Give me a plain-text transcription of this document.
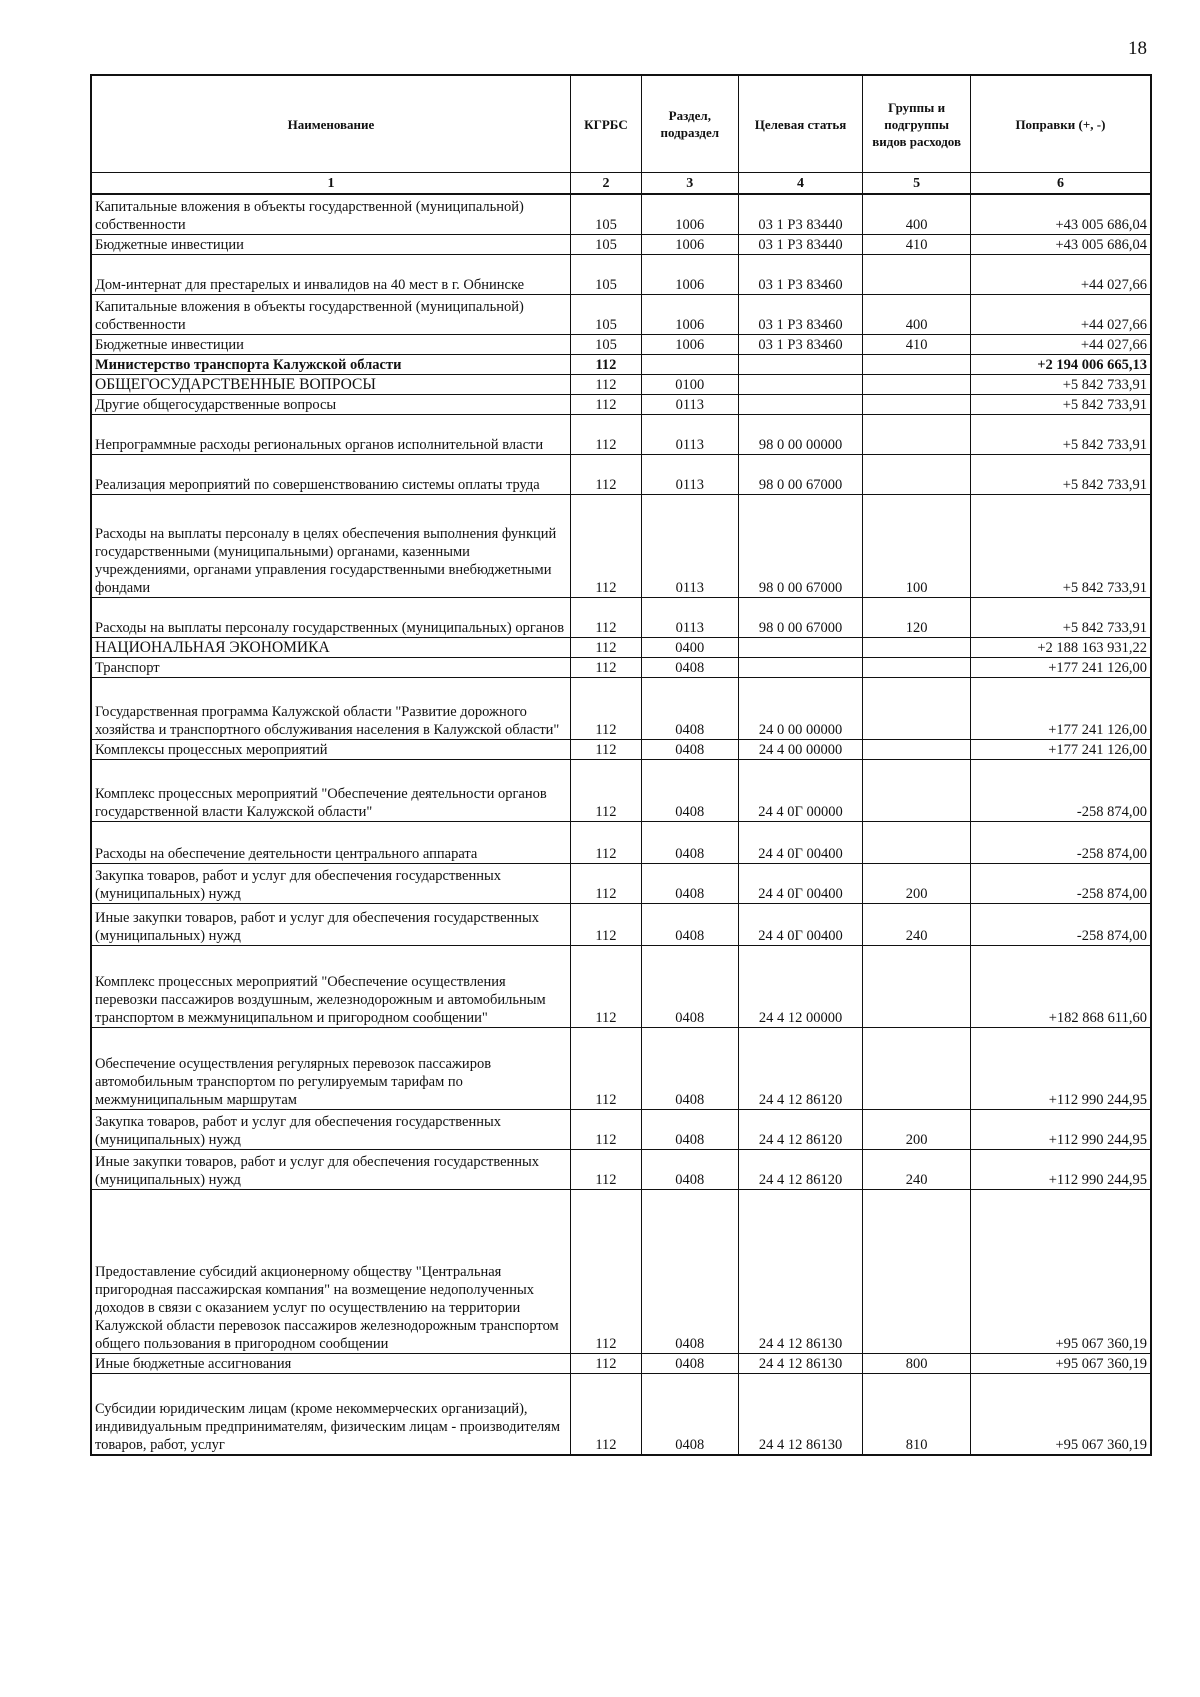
18
Наименование	КГРБС	Раздел, подраздел	Целевая статья	Группы и подгруппы видов расходов	Поправки (+, -)
1	2	3	4	5	6
Капитальные вложения в объекты государственной (муниципальной) собственности	105	1006	03 1 Р3 83440	400	+43 005 686,04
Бюджетные инвестиции	105	1006	03 1 Р3 83440	410	+43 005 686,04
Дом-интернат для престарелых и инвалидов на 40 мест в г. Обнинске	105	1006	03 1 Р3 83460		+44 027,66
Капитальные вложения в объекты государственной (муниципальной) собственности	105	1006	03 1 Р3 83460	400	+44 027,66
Бюджетные инвестиции	105	1006	03 1 Р3 83460	410	+44 027,66
Министерство транспорта Калужской области	112				+2 194 006 665,13
ОБЩЕГОСУДАРСТВЕННЫЕ ВОПРОСЫ	112	0100			+5 842 733,91
Другие общегосударственные вопросы	112	0113			+5 842 733,91
Непрограммные расходы региональных органов исполнительной власти	112	0113	98 0 00 00000		+5 842 733,91
Реализация мероприятий по совершенствованию системы оплаты труда	112	0113	98 0 00 67000		+5 842 733,91
Расходы на выплаты персоналу в целях обеспечения выполнения функций государственными (муниципальными) органами, казенными учреждениями, органами управления государственными внебюджетными фондами	112	0113	98 0 00 67000	100	+5 842 733,91
Расходы на выплаты персоналу государственных (муниципальных) органов	112	0113	98 0 00 67000	120	+5 842 733,91
НАЦИОНАЛЬНАЯ ЭКОНОМИКА	112	0400			+2 188 163 931,22
Транспорт	112	0408			+177 241 126,00
Государственная программа Калужской области "Развитие дорожного хозяйства и транспортного обслуживания населения в Калужской области"	112	0408	24 0 00 00000		+177 241 126,00
Комплексы процессных мероприятий	112	0408	24 4 00 00000		+177 241 126,00
Комплекс процессных мероприятий "Обеспечение деятельности органов государственной власти Калужской области"	112	0408	24 4 0Г 00000		-258 874,00
Расходы на обеспечение деятельности центрального аппарата	112	0408	24 4 0Г 00400		-258 874,00
Закупка товаров, работ и услуг для обеспечения государственных (муниципальных) нужд	112	0408	24 4 0Г 00400	200	-258 874,00
Иные закупки товаров, работ и услуг для обеспечения государственных (муниципальных) нужд	112	0408	24 4 0Г 00400	240	-258 874,00
Комплекс процессных мероприятий "Обеспечение осуществления перевозки пассажиров воздушным, железнодорожным и автомобильным транспортом в межмуниципальном и пригородном сообщении"	112	0408	24 4 12 00000		+182 868 611,60
Обеспечение осуществления регулярных перевозок пассажиров автомобильным транспортом по регулируемым тарифам по межмуниципальным маршрутам	112	0408	24 4 12 86120		+112 990 244,95
Закупка товаров, работ и услуг для обеспечения государственных (муниципальных) нужд	112	0408	24 4 12 86120	200	+112 990 244,95
Иные закупки товаров, работ и услуг для обеспечения государственных (муниципальных) нужд	112	0408	24 4 12 86120	240	+112 990 244,95
Предоставление субсидий акционерному обществу "Центральная пригородная пассажирская компания" на возмещение недополученных доходов в связи с оказанием услуг по осуществлению на территории Калужской области перевозок пассажиров железнодорожным транспортом общего пользования в пригородном сообщении	112	0408	24 4 12 86130		+95 067 360,19
Иные бюджетные ассигнования	112	0408	24 4 12 86130	800	+95 067 360,19
Субсидии юридическим лицам (кроме некоммерческих организаций), индивидуальным предпринимателям, физическим лицам - производителям товаров, работ, услуг	112	0408	24 4 12 86130	810	+95 067 360,19
